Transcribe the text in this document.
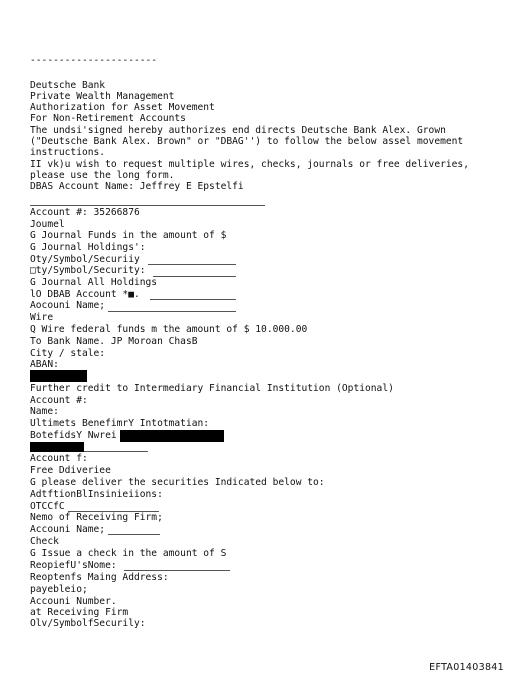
----------------------
Deutsche Bank
Private Wealth Management
Authorization for Asset Movement
For Non-Retirement Accounts
The undsi'signed hereby authorizes end directs Deutsche Bank Alex. Grown
("Deutsche Bank Alex. Brown" or "DBAG'') to follow the below assel movement
instructions.
II vk)u wish to request multiple wires, checks, journals or free deliveries,
please use the long form.
DBAS Account Name: Jeffrey E Epstelfi
Account #: 35266876
Joumel
G Journal Funds in the amount of $
G Journal Holdings':
Oty/Symbol/Securiiy
□ty/Symbol/Security:
G Journal All Holdings
lO DBAB Account *■.
Aocouni Name;
Wire
Q Wire federal funds m the amount of $ 10.000.00
To Bank Name. JP Moroan ChasB
City / stale:
ABAN:
Further credit to Intermediary Financial Institution (Optional)
Account #:
Name:
Ultimets BenefimrY Intotmatian:
BotefidsY Nwrei
Account f:
Free Ddiveriee
G please deliver the securities Indicated below to:
AdtftionBlInsinieiions:
OTCCfC
Nemo of Receiving Firm;
Accouni Name;
Check
G Issue a check in the amount of S
ReopiefU'sNome:
Reoptenfs Maing Address:
payebleio;
Accouni Number.
at Receiving Firm
Olv/SymbolfSecurily:
EFTA01403841
